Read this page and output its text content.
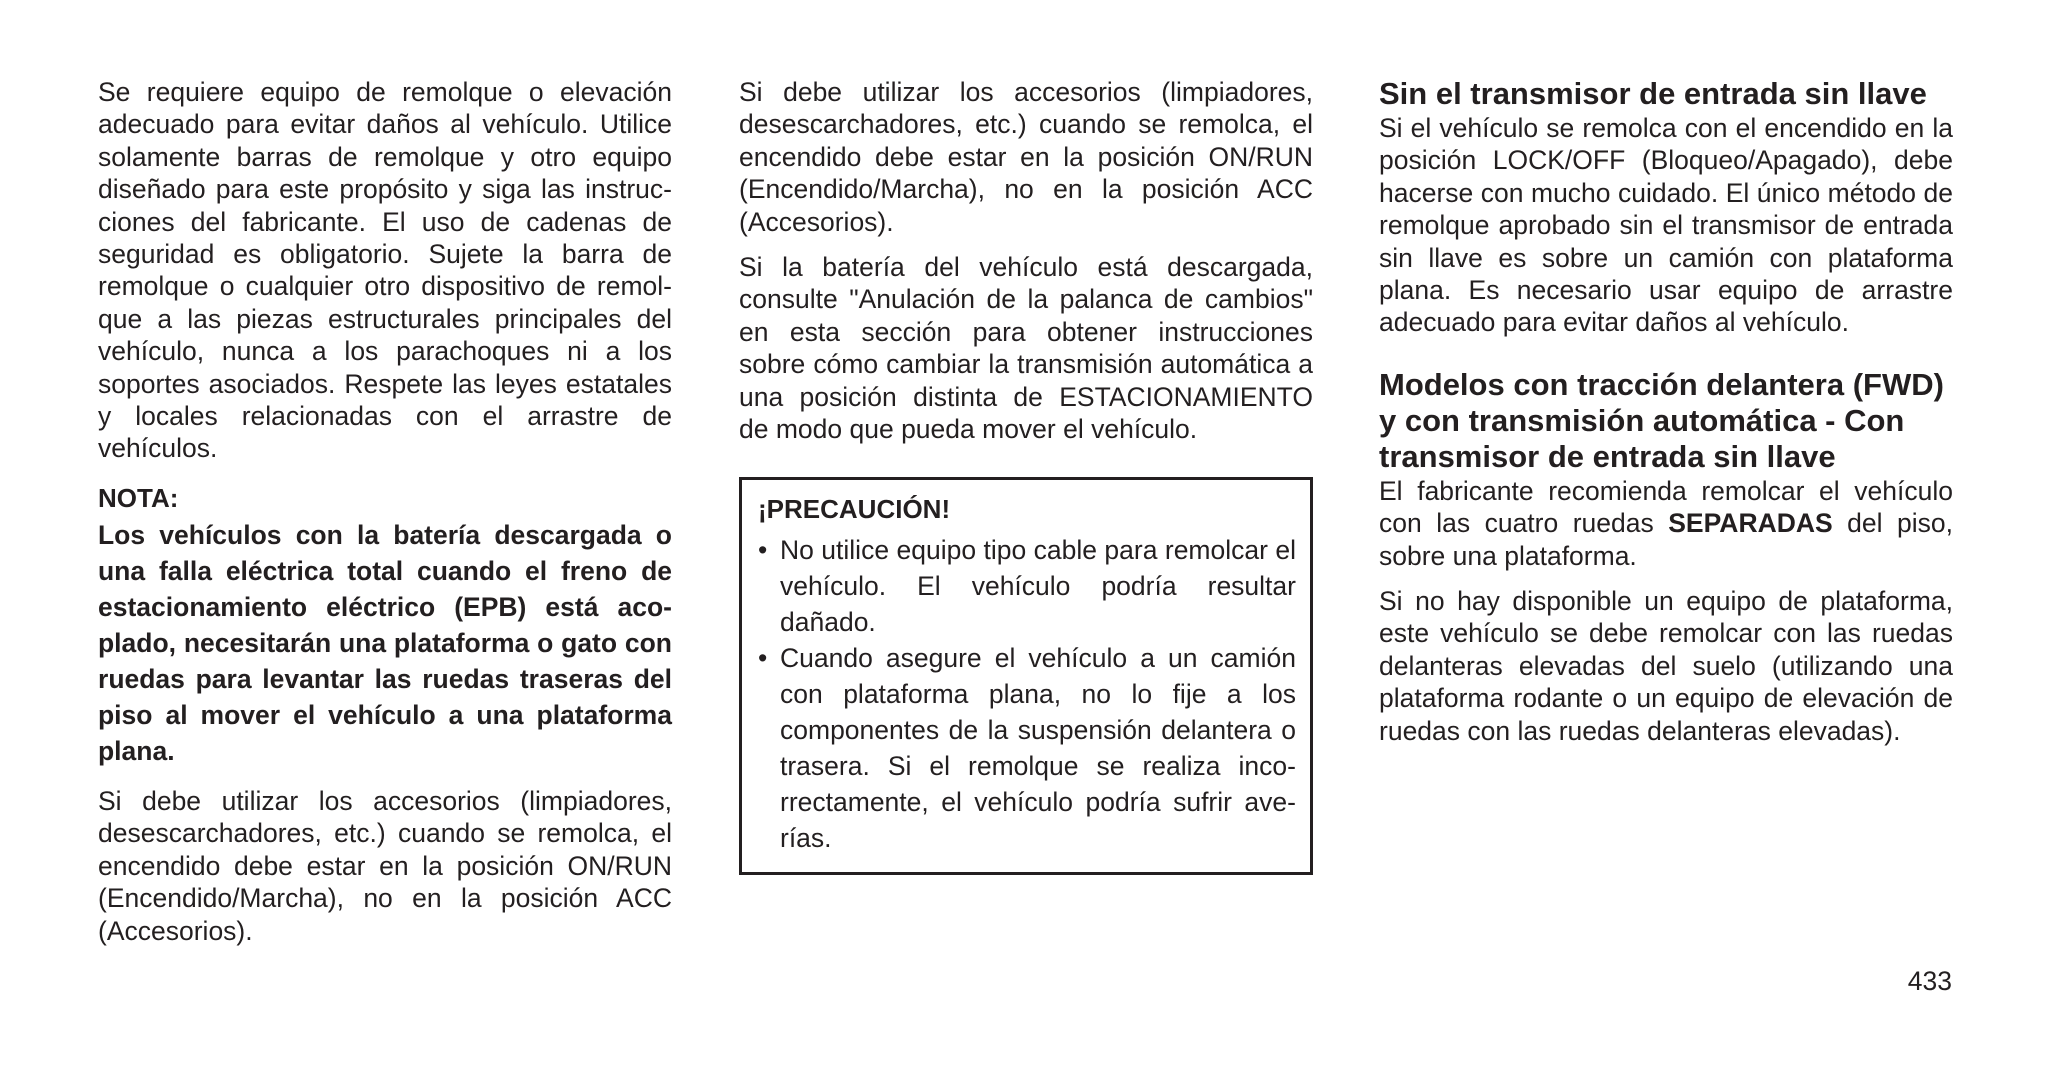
Se requiere equipo de remolque o elevación adecuado para evitar daños al vehículo. Utilice solamente barras de remolque y otro equipo diseñado para este propósito y siga las instrucciones del fabricante. El uso de cadenas de seguridad es obligatorio. Sujete la barra de remolque o cualquier otro dispositivo de remolque a las piezas estructurales principales del vehículo, nunca a los parachoques ni a los soportes asociados. Respete las leyes estatales y locales relacionadas con el arrastre de vehículos.

NOTA:

Los vehículos con la batería descargada o una falla eléctrica total cuando el freno de estacionamiento eléctrico (EPB) está acoplado, necesitarán una plataforma o gato con ruedas para levantar las ruedas traseras del piso al mover el vehículo a una plataforma plana.

Si debe utilizar los accesorios (limpiadores, desescarchadores, etc.) cuando se remolca, el encendido debe estar en la posición ON/RUN (Encendido/Marcha), no en la posición ACC (Accesorios).

Si debe utilizar los accesorios (limpiadores, desescarchadores, etc.) cuando se remolca, el encendido debe estar en la posición ON/RUN (Encendido/Marcha), no en la posición ACC (Accesorios).

Si la batería del vehículo está descargada, consulte "Anulación de la palanca de cambios" en esta sección para obtener instrucciones sobre cómo cambiar la transmisión automática a una posición distinta de ESTACIONAMIENTO de modo que pueda mover el vehículo.

¡PRECAUCIÓN!

• No utilice equipo tipo cable para remolcar el vehículo. El vehículo podría resultar dañado.

• Cuando asegure el vehículo a un camión con plataforma plana, no lo fije a los componentes de la suspensión delantera o trasera. Si el remolque se realiza incorrectamente, el vehículo podría sufrir averías.

Sin el transmisor de entrada sin llave

Si el vehículo se remolca con el encendido en la posición LOCK/OFF (Bloqueo/Apagado), debe hacerse con mucho cuidado. El único método de remolque aprobado sin el transmisor de entrada sin llave es sobre un camión con plataforma plana. Es necesario usar equipo de arrastre adecuado para evitar daños al vehículo.

Modelos con tracción delantera (FWD) y con transmisión automática - Con transmisor de entrada sin llave

El fabricante recomienda remolcar el vehículo con las cuatro ruedas SEPARADAS del piso, sobre una plataforma.

Si no hay disponible un equipo de plataforma, este vehículo se debe remolcar con las ruedas delanteras elevadas del suelo (utilizando una plataforma rodante o un equipo de elevación de ruedas con las ruedas delanteras elevadas).

433
